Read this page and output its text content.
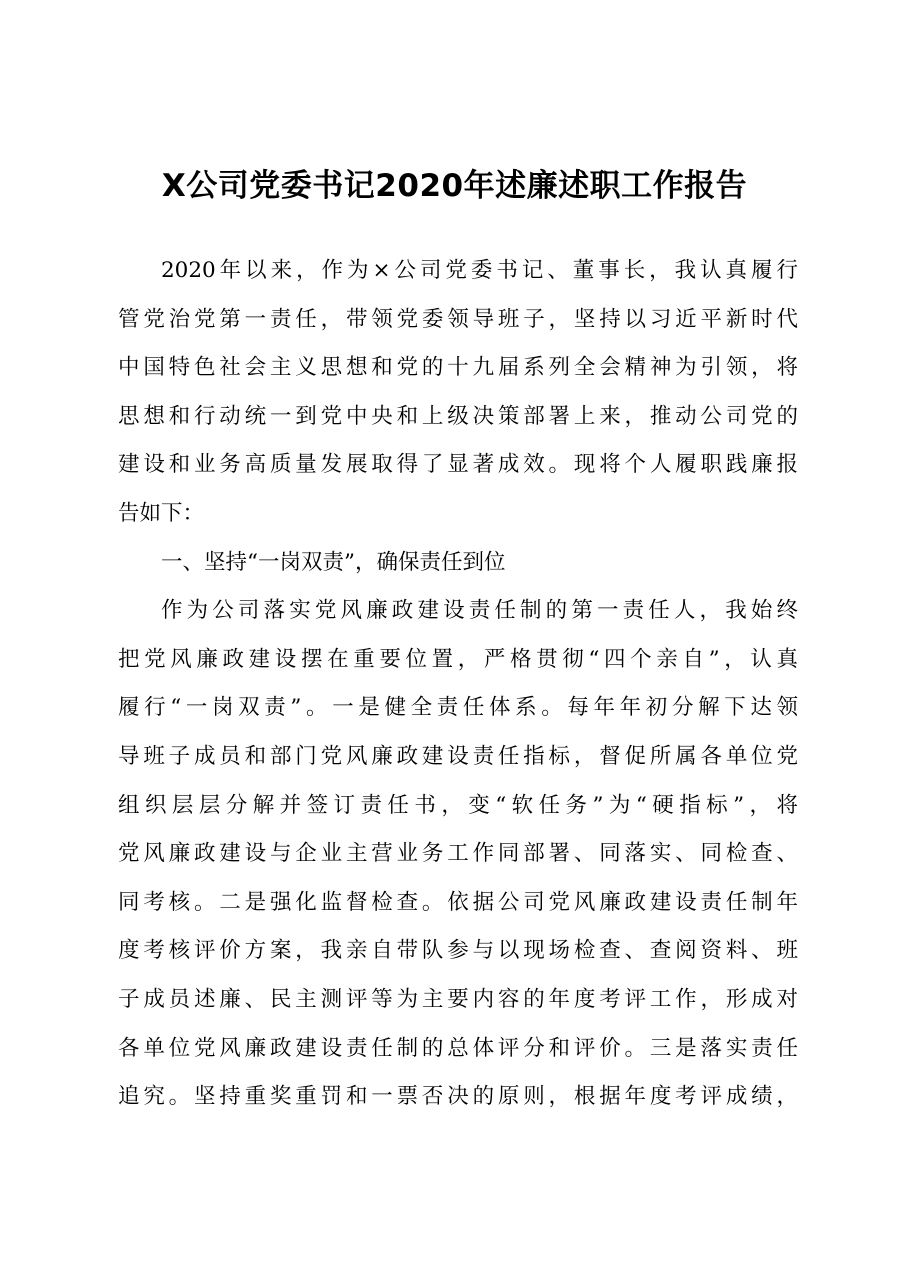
X公司党委书记2020年述廉述职工作报告
2020年以来，作为×公司党委书记、董事长，我认真履行
管党治党第一责任，带领党委领导班子，坚持以习近平新时代
中国特色社会主义思想和党的十九届系列全会精神为引领，将
思想和行动统一到党中央和上级决策部署上来，推动公司党的
建设和业务高质量发展取得了显著成效。现将个人履职践廉报
告如下：
一、坚持“一岗双责”，确保责任到位
作为公司落实党风廉政建设责任制的第一责任人，我始终
把党风廉政建设摆在重要位置，严格贯彻“四个亲自”，认真
履行“一岗双责”。一是健全责任体系。每年年初分解下达领
导班子成员和部门党风廉政建设责任指标，督促所属各单位党
组织层层分解并签订责任书，变“软任务”为“硬指标”，将
党风廉政建设与企业主营业务工作同部署、同落实、同检查、
同考核。二是强化监督检查。依据公司党风廉政建设责任制年
度考核评价方案，我亲自带队参与以现场检查、查阅资料、班
子成员述廉、民主测评等为主要内容的年度考评工作，形成对
各单位党风廉政建设责任制的总体评分和评价。三是落实责任
追究。坚持重奖重罚和一票否决的原则，根据年度考评成绩，
